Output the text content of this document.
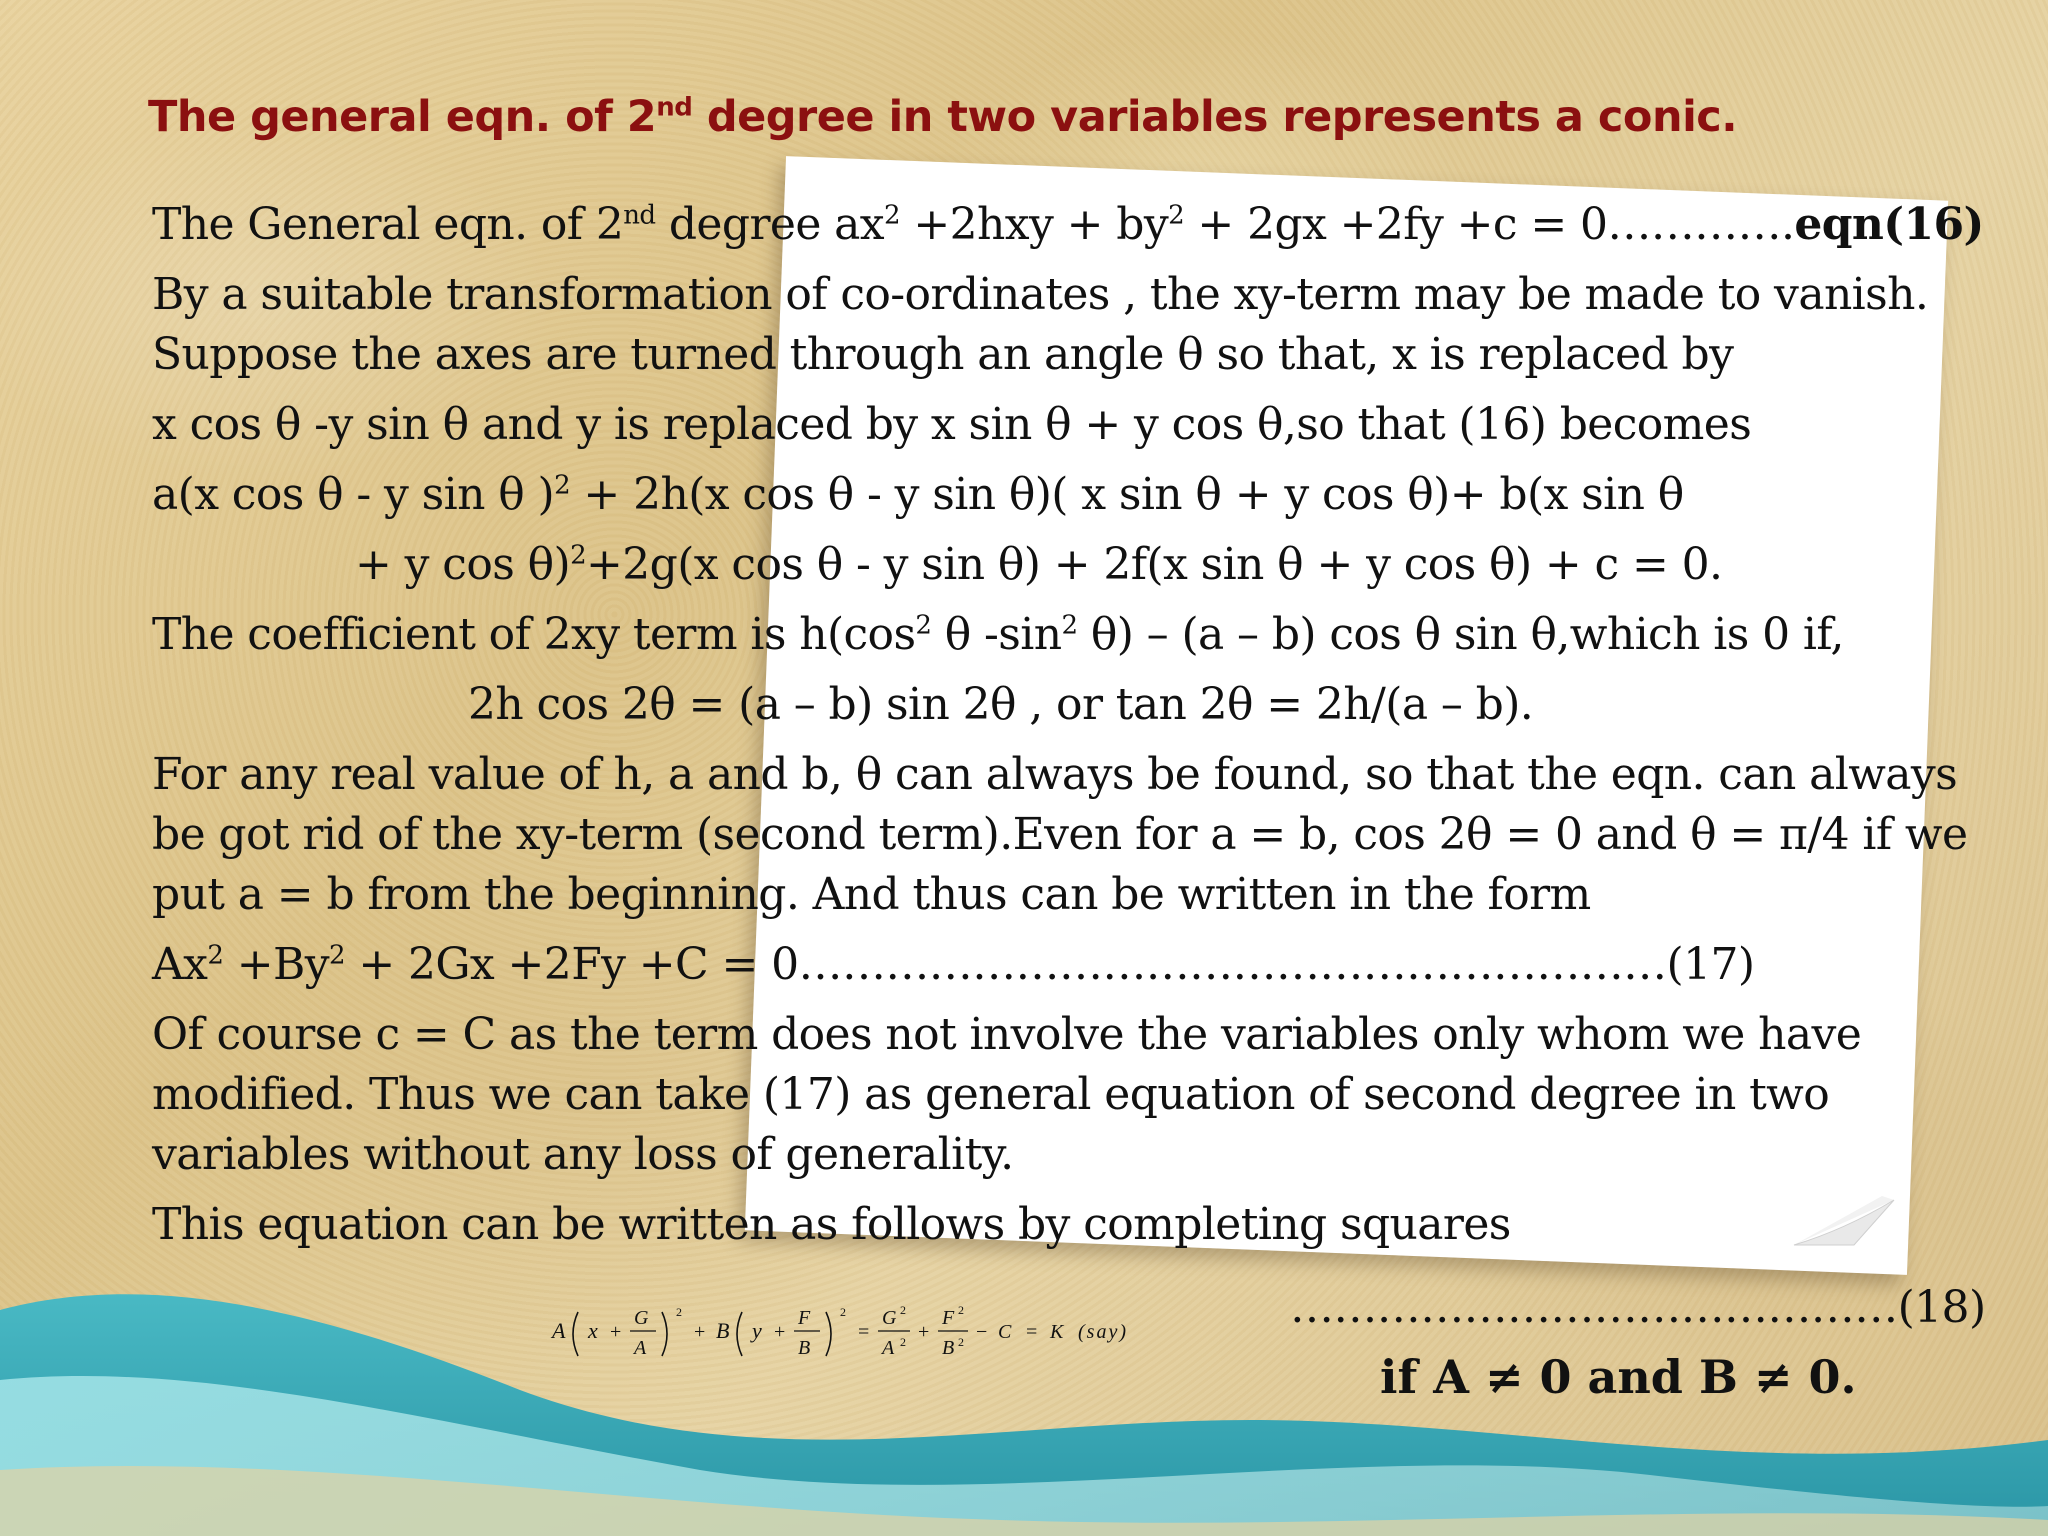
The general eqn. of 2nd degree in two variables represents a conic.

The General eqn. of 2nd degree $ax^2 +2hxy + by^2 + 2gx +2fy +c$ = 0………….eqn(16)

By a suitable transformation of co-ordinates , the xy-term may be made to vanish.

Suppose the axes are turned through an angle θ so that, x is replaced by

x cos θ -y sin θ and y is replaced by x sin θ + y cos θ,so that (16) becomes

a(x cos θ - y sin θ )$^2$ + 2h(x cos θ - y sin θ)( x sin θ + y cos θ)+ b(x sin θ

+ y cos θ)$^2$+2g(x cos θ - y sin θ) + 2f(x sin θ + y cos θ) + c = 0.

The coefficient of 2xy term is $h(\cos^2$ θ $-\sin^2$ θ) – (a – b) cos θ sin θ,which is 0 if,

2h cos 2θ = (a – b) sin 2θ , or tan 2θ = 2h/(a – b).

For any real value of h, a and b, θ can always be found, so that the eqn. can always

be got rid of the xy-term (second term).Even for a = b, cos 2θ = 0 and θ = π/4 if we

put a = b from the beginning. And thus can be written in the form

$Ax^2 +By^2 + 2Gx +2Fy +C$ = 0……………………………………………………(17)

Of course c = C as the term does not involve the variables only whom we have

modified. Thus we can take (17) as general equation of second degree in two

variables without any loss of generality.

This equation can be written as follows by completing squares

A x +
G
A
2
+ B y +
F
B
2
=
G 2
A 2 +
F 2
B 2 − C = K (say)	……………………………………(18)

if A ≠ 0 and B ≠ 0.
